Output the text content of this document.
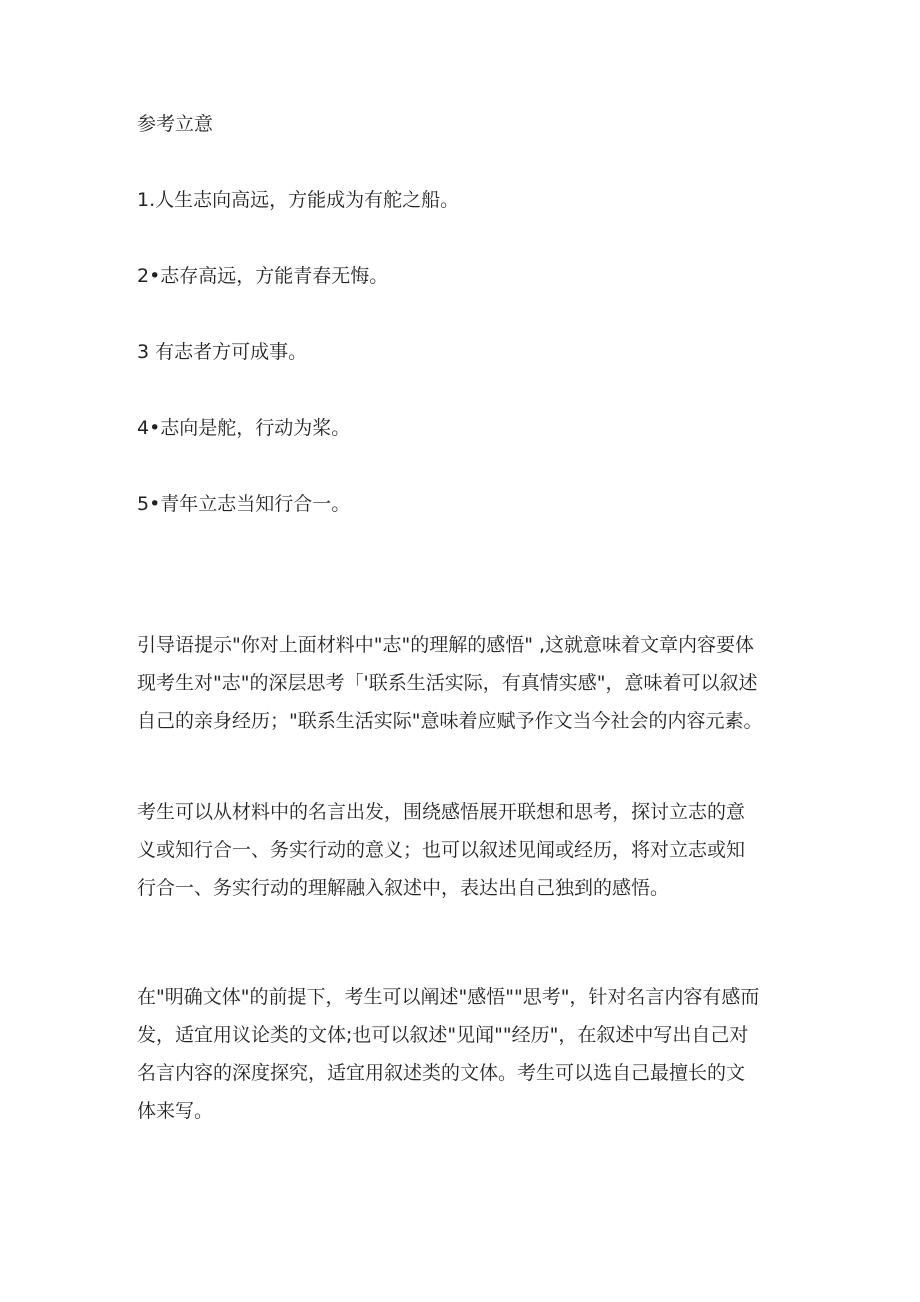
参考立意
1.人生志向高远，方能成为有舵之船。
2•志存高远，方能青春无悔。
3 有志者方可成事。
4•志向是舵，行动为桨。
5•青年立志当知行合一。
引导语提示"你对上面材料中"志"的理解的感悟" ,这就意味着文章内容要体
现考生对"志"的深层思考「'联系生活实际，有真情实感"，意味着可以叙述
自己的亲身经历；"联系生活实际"意味着应赋予作文当今社会的内容元素。
考生可以从材料中的名言出发，围绕感悟展开联想和思考，探讨立志的意
义或知行合一、务实行动的意义；也可以叙述见闻或经历，将对立志或知
行合一、务实行动的理解融入叙述中，表达出自己独到的感悟。
在"明确文体"的前提下，考生可以阐述"感悟""思考"，针对名言内容有感而
发，适宜用议论类的文体;也可以叙述"见闻""经历"，在叙述中写出自己对
名言内容的深度探究，适宜用叙述类的文体。考生可以选自己最擅长的文
体来写。
